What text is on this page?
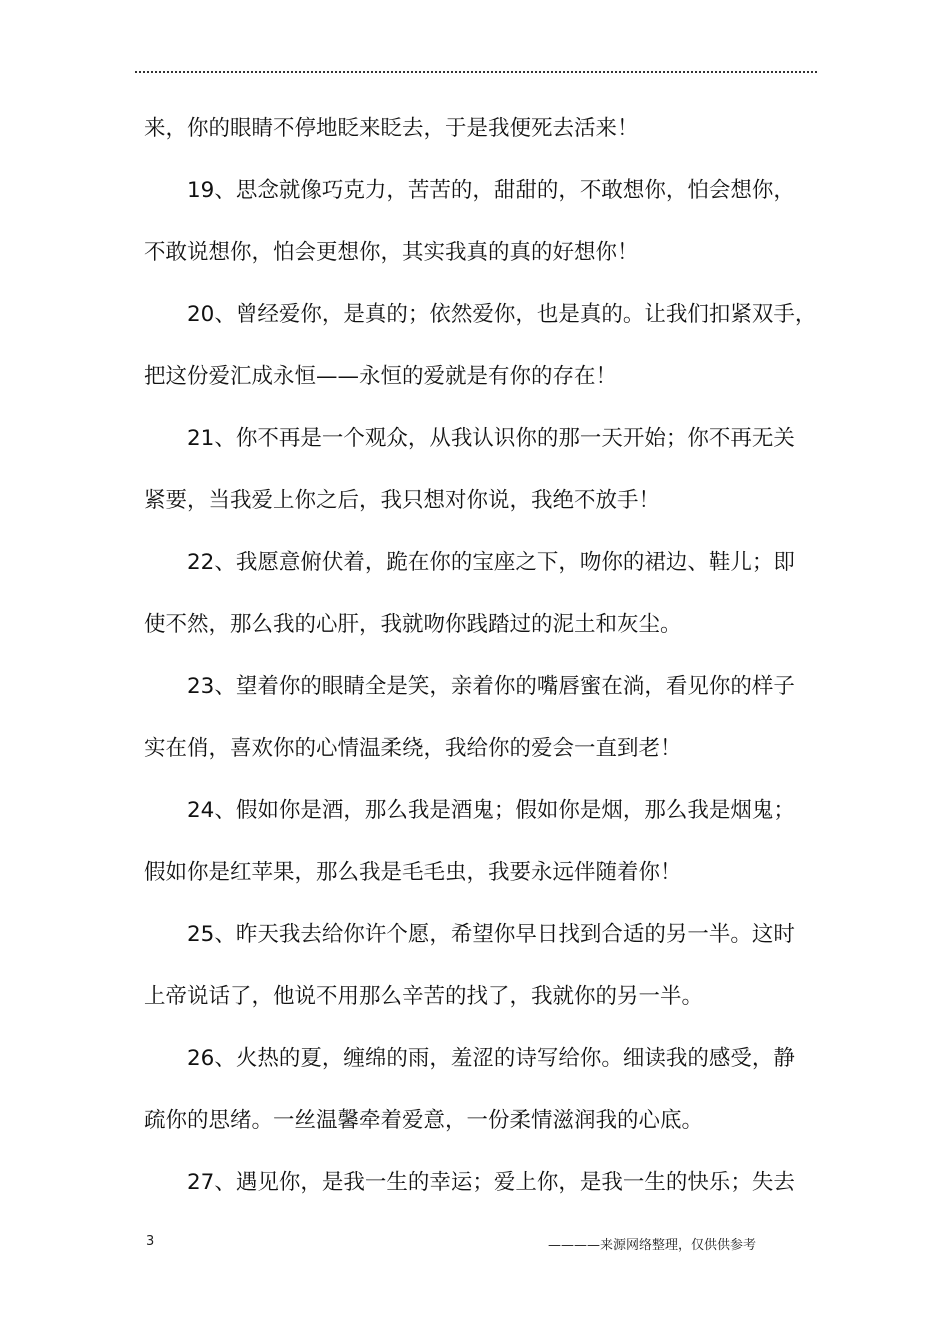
来，你的眼睛不停地眨来眨去，于是我便死去活来！
19、思念就像巧克力，苦苦的，甜甜的，不敢想你，怕会想你，
不敢说想你，怕会更想你，其实我真的真的好想你！
20、曾经爱你，是真的；依然爱你，也是真的。让我们扣紧双手，
把这份爱汇成永恒——永恒的爱就是有你的存在！
21、你不再是一个观众，从我认识你的那一天开始；你不再无关
紧要，当我爱上你之后，我只想对你说，我绝不放手！
22、我愿意俯伏着，跪在你的宝座之下，吻你的裙边、鞋儿；即
使不然，那么我的心肝，我就吻你践踏过的泥土和灰尘。
23、望着你的眼睛全是笑，亲着你的嘴唇蜜在淌，看见你的样子
实在俏，喜欢你的心情温柔绕，我给你的爱会一直到老！
24、假如你是酒，那么我是酒鬼；假如你是烟，那么我是烟鬼；
假如你是红苹果，那么我是毛毛虫，我要永远伴随着你！
25、昨天我去给你许个愿，希望你早日找到合适的另一半。这时
上帝说话了，他说不用那么辛苦的找了，我就你的另一半。
26、火热的夏，缠绵的雨，羞涩的诗写给你。细读我的感受，静
疏你的思绪。一丝温馨牵着爱意，一份柔情滋润我的心底。
27、遇见你，是我一生的幸运；爱上你，是我一生的快乐；失去
3	————来源网络整理，仅供供参考
